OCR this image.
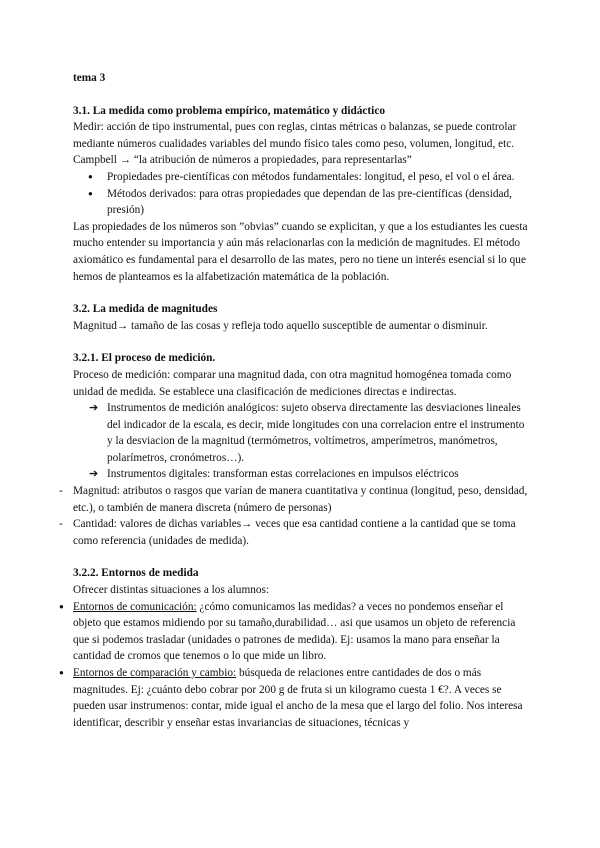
tema 3

3.1. La medida como problema empírico, matemático y didáctico

Medir: acción de tipo instrumental, pues con reglas, cintas métricas o balanzas, se puede controlar mediante números cualidades variables del mundo físico tales como peso, volumen, longitud, etc.

Campbell → “la atribución de números a propiedades, para representarlas”

● Propiedades pre-científicas con métodos fundamentales: longitud, el peso, el vol o el área.
● Métodos derivados: para otras propiedades que dependan de las pre-científicas (densidad, presión)

Las propiedades de los números son ”obvias” cuando se explicitan, y que a los estudiantes les cuesta mucho entender su importancia y aún más relacionarlas con la medición de magnitudes. El método axiomático es fundamental para el desarrollo de las mates, pero no tiene un interés esencial si lo que hemos de planteamos es la alfabetización matemática de la población.

3.2. La medida de magnitudes

Magnitud→ tamaño de las cosas y refleja todo aquello susceptible de aumentar o disminuir.

3.2.1. El proceso de medición.

Proceso de medición: comparar una magnitud dada, con otra magnitud homogénea tomada como unidad de medida. Se establece una clasificación de mediciones directas e indirectas.

➔ Instrumentos de medición analógicos: sujeto observa directamente las desviaciones lineales del indicador de la escala, es decir, mide longitudes con una correlacion entre el instrumento y la desviacion de la magnitud (termómetros, voltímetros, amperímetros, manómetros, polarímetros, cronómetros…).
➔ Instrumentos digitales: transforman estas correlaciones en impulsos eléctricos
- Magnitud: atributos o rasgos que varían de manera cuantitativa y continua (longitud, peso, densidad, etc.), o también de manera discreta (número de personas)
- Cantidad: valores de dichas variables→ veces que esa cantidad contiene a la cantidad que se toma como referencia (unidades de medida).

3.2.2. Entornos de medida

Ofrecer distintas situaciones a los alumnos:

● Entornos de comunicación: ¿cómo comunicamos las medidas? a veces no pondemos enseñar el objeto que estamos midiendo por su tamaño,durabilidad… asi que usamos un objeto de referencia que si podemos trasladar (unidades o patrones de medida). Ej: usamos la mano para enseñar la cantidad de cromos que tenemos o lo que mide un libro.
● Entornos de comparación y cambio: búsqueda de relaciones entre cantidades de dos o más magnitudes. Ej: ¿cuánto debo cobrar por 200 g de fruta si un kilogramo cuesta 1 €?. A veces se pueden usar instrumenos: contar, mide igual el ancho de la mesa que el largo del folio. Nos interesa identificar, describir y enseñar estas invariancias de situaciones, técnicas y
